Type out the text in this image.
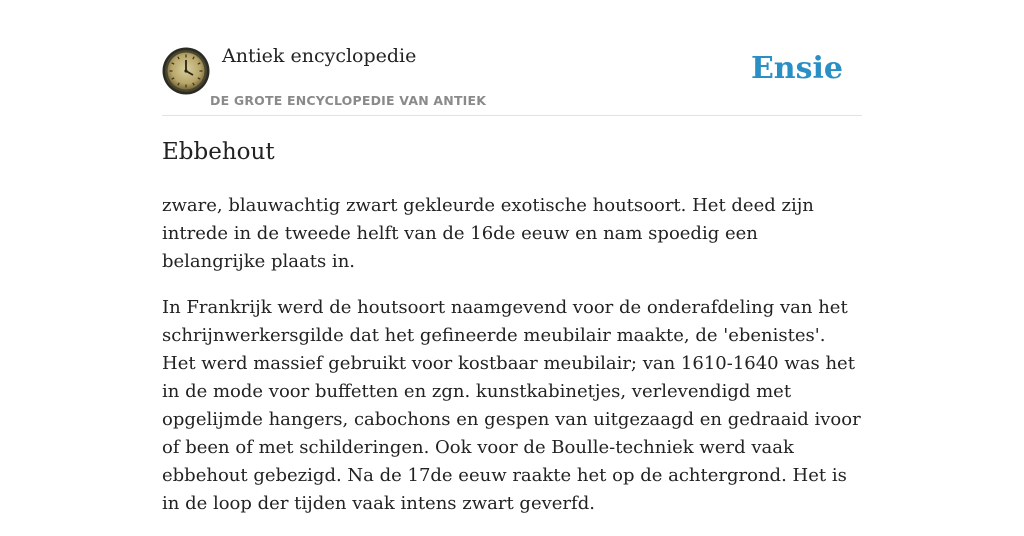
Antiek encyclopedie
DE GROTE ENCYCLOPEDIE VAN ANTIEK
Ensie
Ebbehout

zware, blauwachtig zwart gekleurde exotische houtsoort. Het deed zijn intrede in de tweede helft van de 16de eeuw en nam spoedig een belangrijke plaats in.

In Frankrijk werd de houtsoort naamgevend voor de onderafdeling van het schrijnwerkersgilde dat het gefineerde meubilair maakte, de 'ebenistes'. Het werd massief gebruikt voor kostbaar meubilair; van 1610-1640 was het in de mode voor buffetten en zgn. kunstkabinetjes, verlevendigd met opgelijmde hangers, cabochons en gespen van uitgezaagd en gedraaid ivoor of been of met schilderingen. Ook voor de Boulle-techniek werd vaak ebbehout gebezigd. Na de 17de eeuw raakte het op de achtergrond. Het is in de loop der tijden vaak intens zwart geverfd.
